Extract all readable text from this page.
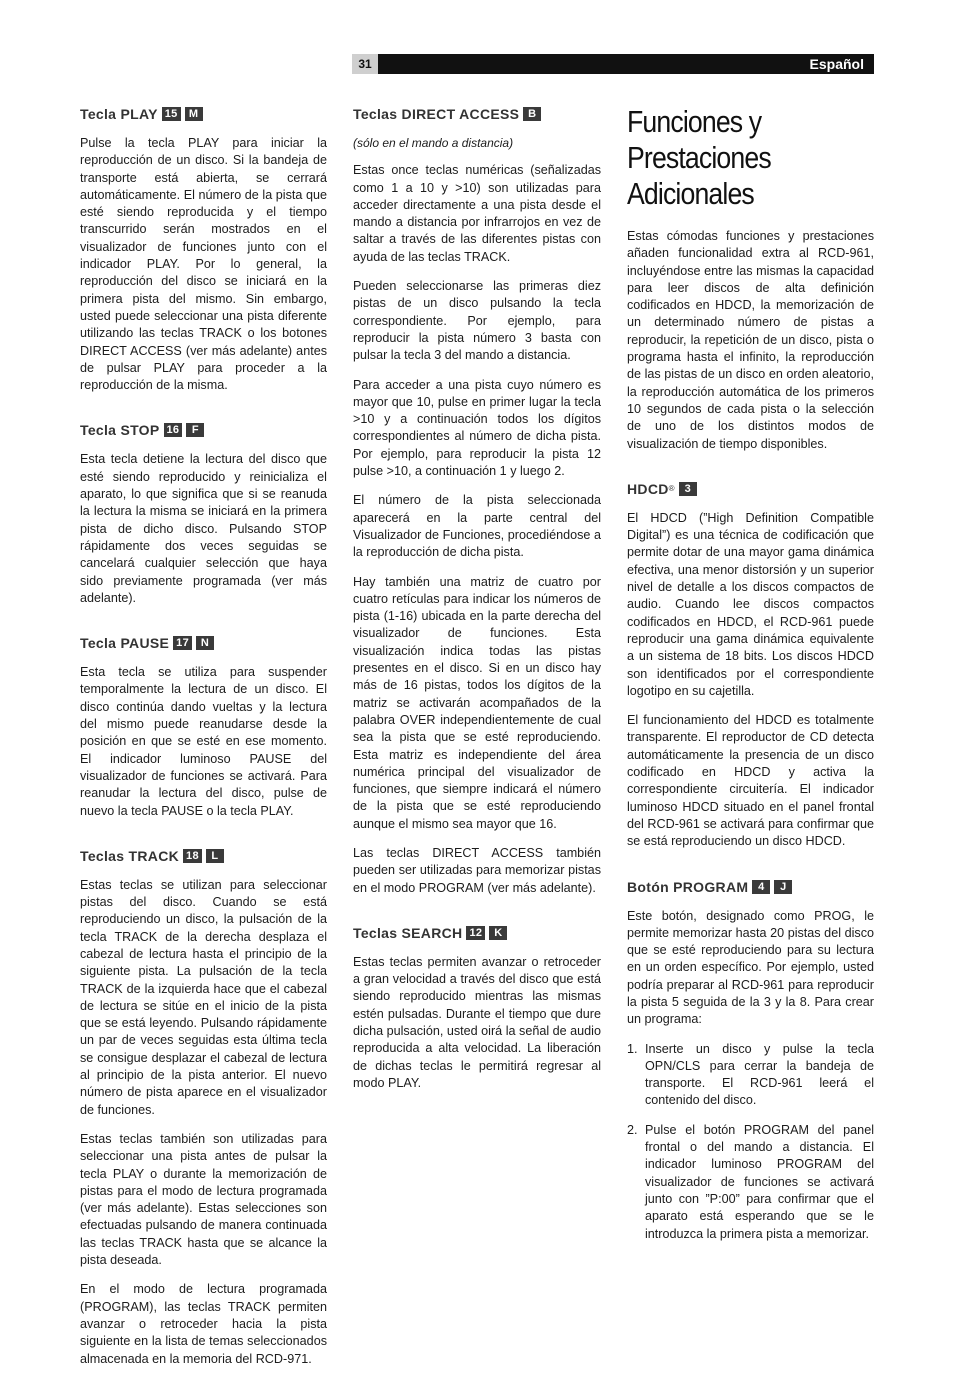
31	Español
Tecla PLAY 15	M

Pulse la tecla PLAY para iniciar la reproducción de un disco. Si la bandeja de transporte está abierta, se cerrará automáticamente. El número de la pista que esté siendo reproducida y el tiempo transcurrido serán mostrados en el visualizador de funciones junto con el indicador PLAY. Por lo general, la reproducción del disco se iniciará en la primera pista del mismo. Sin embargo, usted puede seleccionar una pista diferente utilizando las teclas TRACK o los botones DIRECT ACCESS (ver más adelante) antes de pulsar PLAY para proceder a la reproducción de la misma.

Tecla STOP 16	F

Esta tecla detiene la lectura del disco que esté siendo reproducido y reinicializa el aparato, lo que significa que si se reanuda la lectura la misma se iniciará en la primera pista de dicho disco. Pulsando STOP rápidamente dos veces seguidas se cancelará cualquier selección que haya sido previamente programada (ver más adelante).

Tecla PAUSE 17	N

Esta tecla se utiliza para suspender temporalmente la lectura de un disco. El disco continúa dando vueltas y la lectura del mismo puede reanudarse desde la posición en que se esté en ese momento. El indicador luminoso PAUSE del visualizador de funciones se activará. Para reanudar la lectura del disco, pulse de nuevo la tecla PAUSE o la tecla PLAY.

Teclas TRACK 18	L

Estas teclas se utilizan para seleccionar pistas del disco. Cuando se está reproduciendo un disco, la pulsación de la tecla TRACK de la derecha desplaza el cabezal de lectura hasta el principio de la siguiente pista. La pulsación de la tecla TRACK de la izquierda hace que el cabezal de lectura se sitúe en el inicio de la pista que se está leyendo. Pulsando rápidamente un par de veces seguidas esta última tecla se consigue desplazar el cabezal de lectura al principio de la pista anterior. El nuevo número de pista aparece en el visualizador de funciones.

Estas teclas también son utilizadas para seleccionar una pista antes de pulsar la tecla PLAY o durante la memorización de pistas para el modo de lectura programada (ver más adelante). Estas selecciones son efectuadas pulsando de manera continuada las teclas TRACK hasta que se alcance la pista deseada.

En el modo de lectura programada (PROGRAM), las teclas TRACK permiten avanzar o retroceder hacia la pista siguiente en la lista de temas seleccionados almacenada en la memoria del RCD-971.

Teclas DIRECT ACCESS B

(sólo en el mando a distancia)

Estas once teclas numéricas (señalizadas como 1 a 10 y >10) son utilizadas para acceder directamente a una pista desde el mando a distancia por infrarrojos en vez de saltar a través de las diferentes pistas con ayuda de las teclas TRACK.

Pueden seleccionarse las primeras diez pistas de un disco pulsando la tecla correspondiente. Por ejemplo, para reproducir la pista número 3 basta con pulsar la tecla 3 del mando a distancia.

Para acceder a una pista cuyo número es mayor que 10, pulse en primer lugar la tecla >10 y a continuación todos los dígitos correspondientes al número de dicha pista. Por ejemplo, para reproducir la pista 12 pulse >10, a continuación 1 y luego 2.

El número de la pista seleccionada aparecerá en la parte central del Visualizador de Funciones, procediéndose a la reproducción de dicha pista.

Hay también una matriz de cuatro por cuatro retículas para indicar los números de pista (1-16) ubicada en la parte derecha del visualizador de funciones. Esta visualización indica todas las pistas presentes en el disco. Si en un disco hay más de 16 pistas, todos los dígitos de la matriz se activarán acompañados de la palabra OVER independientemente de cual sea la pista que se esté reproduciendo. Esta matriz es independiente del área numérica principal del visualizador de funciones, que siempre indicará el número de la pista que se esté reproduciendo aunque el mismo sea mayor que 16.

Las teclas DIRECT ACCESS también pueden ser utilizadas para memorizar pistas en el modo PROGRAM (ver más adelante).

Teclas SEARCH 12	K

Estas teclas permiten avanzar o retroceder a gran velocidad a través del disco que está siendo reproducido mientras las mismas estén pulsadas. Durante el tiempo que dure dicha pulsación, usted oirá la señal de audio reproducida a alta velocidad. La liberación de dichas teclas le permitirá regresar al modo PLAY.

Funciones y Prestaciones Adicionales

Estas cómodas funciones y prestaciones añaden funcionalidad extra al RCD-961, incluyéndose entre las mismas la capacidad para leer discos de alta definición codificados en HDCD, la memorización de un determinado número de pistas a reproducir, la repetición de un disco, pista o programa hasta el infinito, la reproducción de las pistas de un disco en orden aleatorio, la reproducción automática de los primeros 10 segundos de cada pista o la selección de uno de los distintos modos de visualización de tiempo disponibles.

HDCD ® 3

El HDCD (”High Definition Compatible Digital”) es una técnica de codificación que permite dotar de una mayor gama dinámica efectiva, una menor distorsión y un superior nivel de detalle a los discos compactos de audio. Cuando lee discos compactos codificados en HDCD, el RCD-961 puede reproducir una gama dinámica equivalente a un sistema de 18 bits. Los discos HDCD son identificados por el correspondiente logotipo en su cajetilla.

El funcionamiento del HDCD es totalmente transparente. El reproductor de CD detecta automáticamente la presencia de un disco codificado en HDCD y activa la correspondiente circuitería. El indicador luminoso HDCD situado en el panel frontal del RCD-961 se activará para confirmar que se está reproduciendo un disco HDCD.

Botón PROGRAM 4	J

Este botón, designado como PROG, le permite memorizar hasta 20 pistas del disco que se esté reproduciendo para su lectura en un orden específico. Por ejemplo, usted podría preparar al RCD-961 para reproducir la pista 5 seguida de la 3 y la 8. Para crear un programa:

1. Inserte un disco y pulse la tecla OPN/CLS para cerrar la bandeja de transporte. El RCD-961 leerá el contenido del disco.

2. Pulse el botón PROGRAM del panel frontal o del mando a distancia. El indicador luminoso PROGRAM del visualizador de funciones se activará junto con ”P:00” para confirmar que el aparato está esperando que se le introduzca la primera pista a memorizar.
